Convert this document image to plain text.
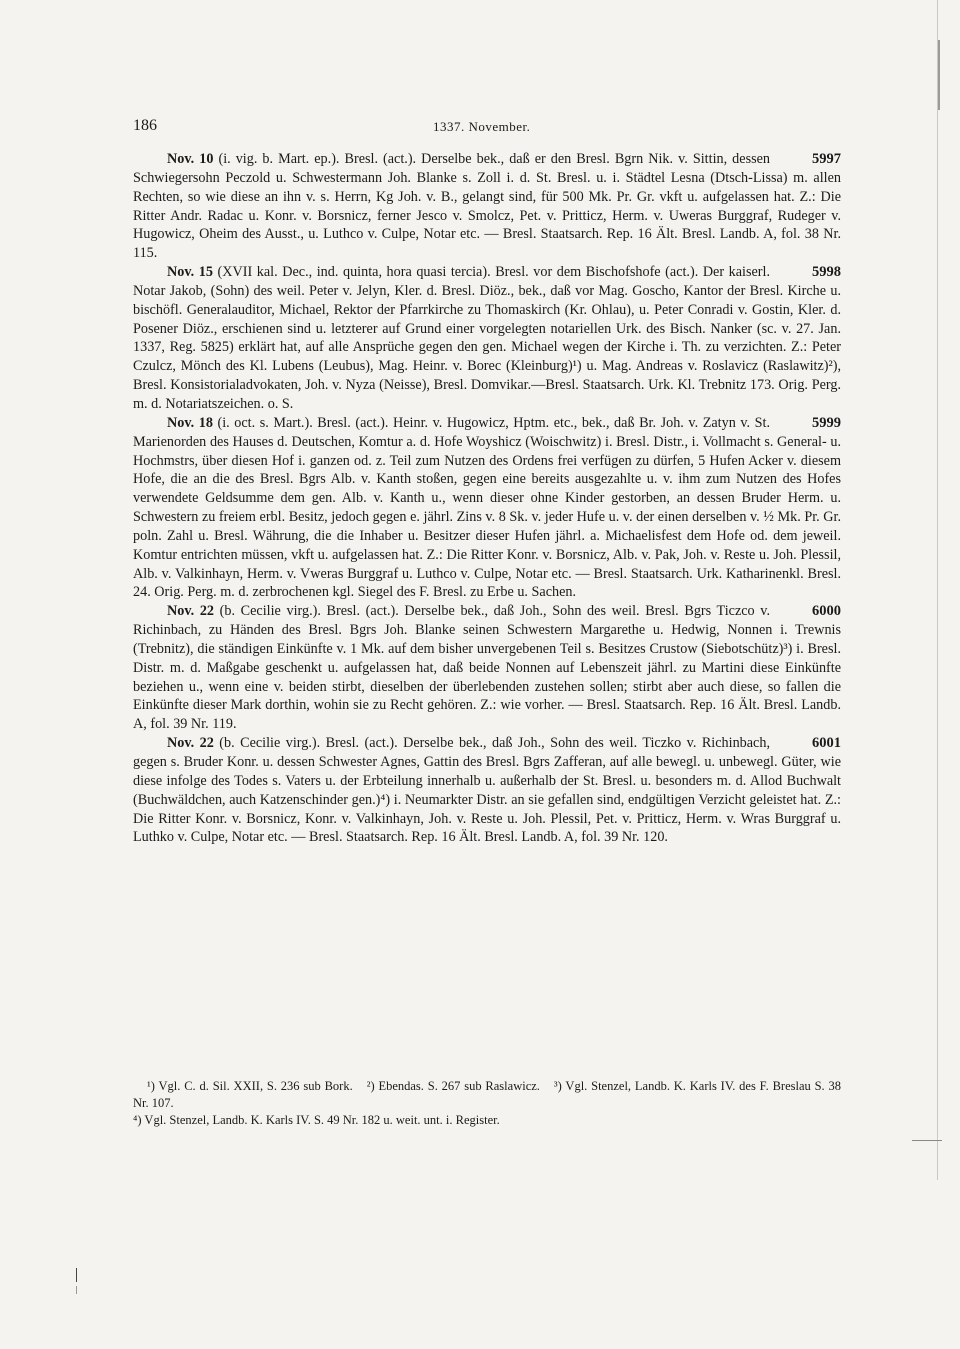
186	1337. November.

5997
Nov. 10 (i. vig. b. Mart. ep.). Bresl. (act.). Derselbe bek., daß er den Bresl. Bgrn Nik. v. Sittin, dessen Schwiegersohn Peczold u. Schwestermann Joh. Blanke s. Zoll i. d. St. Bresl. u. i. Städtel Lesna (Dtsch-Lissa) m. allen Rechten, so wie diese an ihn v. s. Herrn, Kg Joh. v. B., gelangt sind, für 500 Mk. Pr. Gr. vkft u. aufgelassen hat. Z.: Die Ritter Andr. Radac u. Konr. v. Borsnicz, ferner Jesco v. Smolcz, Pet. v. Pritticz, Herm. v. Uweras Burggraf, Rudeger v. Hugowicz, Oheim des Ausst., u. Luthco v. Culpe, Notar etc. — Bresl. Staatsarch. Rep. 16 Ält. Bresl. Landb. A, fol. 38 Nr. 115.

5998
Nov. 15 (XVII kal. Dec., ind. quinta, hora quasi tercia). Bresl. vor dem Bischofshofe (act.). Der kaiserl. Notar Jakob, (Sohn) des weil. Peter v. Jelyn, Kler. d. Bresl. Diöz., bek., daß vor Mag. Goscho, Kantor der Bresl. Kirche u. bischöfl. Generalauditor, Michael, Rektor der Pfarrkirche zu Thomaskirch (Kr. Ohlau), u. Peter Conradi v. Gostin, Kler. d. Posener Diöz., erschienen sind u. letzterer auf Grund einer vorgelegten notariellen Urk. des Bisch. Nanker (sc. v. 27. Jan. 1337, Reg. 5825) erklärt hat, auf alle Ansprüche gegen den gen. Michael wegen der Kirche i. Th. zu verzichten. Z.: Peter Czulcz, Mönch des Kl. Lubens (Leubus), Mag. Heinr. v. Borec (Kleinburg)¹) u. Mag. Andreas v. Roslavicz (Raslawitz)²), Bresl. Konsistorialadvokaten, Joh. v. Nyza (Neisse), Bresl. Domvikar.—Bresl. Staatsarch. Urk. Kl. Trebnitz 173. Orig. Perg. m. d. Notariatszeichen. o. S.

5999
Nov. 18 (i. oct. s. Mart.). Bresl. (act.). Heinr. v. Hugowicz, Hptm. etc., bek., daß Br. Joh. v. Zatyn v. St. Marienorden des Hauses d. Deutschen, Komtur a. d. Hofe Woyshicz (Woischwitz) i. Bresl. Distr., i. Vollmacht s. General- u. Hochmstrs, über diesen Hof i. ganzen od. z. Teil zum Nutzen des Ordens frei verfügen zu dürfen, 5 Hufen Acker v. diesem Hofe, die an die des Bresl. Bgrs Alb. v. Kanth stoßen, gegen eine bereits ausgezahlte u. v. ihm zum Nutzen des Hofes verwendete Geldsumme dem gen. Alb. v. Kanth u., wenn dieser ohne Kinder gestorben, an dessen Bruder Herm. u. Schwestern zu freiem erbl. Besitz, jedoch gegen e. jährl. Zins v. 8 Sk. v. jeder Hufe u. v. der einen derselben v. ½ Mk. Pr. Gr. poln. Zahl u. Bresl. Währung, die die Inhaber u. Besitzer dieser Hufen jährl. a. Michaelisfest dem Hofe od. dem jeweil. Komtur entrichten müssen, vkft u. aufgelassen hat. Z.: Die Ritter Konr. v. Borsnicz, Alb. v. Pak, Joh. v. Reste u. Joh. Plessil, Alb. v. Valkinhayn, Herm. v. Vweras Burggraf u. Luthco v. Culpe, Notar etc. — Bresl. Staatsarch. Urk. Katharinenkl. Bresl. 24. Orig. Perg. m. d. zerbrochenen kgl. Siegel des F. Bresl. zu Erbe u. Sachen.

6000
Nov. 22 (b. Cecilie virg.). Bresl. (act.). Derselbe bek., daß Joh., Sohn des weil. Bresl. Bgrs Ticzco v. Richinbach, zu Händen des Bresl. Bgrs Joh. Blanke seinen Schwestern Margarethe u. Hedwig, Nonnen i. Trewnis (Trebnitz), die ständigen Einkünfte v. 1 Mk. auf dem bisher unvergebenen Teil s. Besitzes Crustow (Siebotschütz)³) i. Bresl. Distr. m. d. Maßgabe geschenkt u. aufgelassen hat, daß beide Nonnen auf Lebenszeit jährl. zu Martini diese Einkünfte beziehen u., wenn eine v. beiden stirbt, dieselben der überlebenden zustehen sollen; stirbt aber auch diese, so fallen die Einkünfte dieser Mark dorthin, wohin sie zu Recht gehören. Z.: wie vorher. — Bresl. Staatsarch. Rep. 16 Ält. Bresl. Landb. A, fol. 39 Nr. 119.

6001
Nov. 22 (b. Cecilie virg.). Bresl. (act.). Derselbe bek., daß Joh., Sohn des weil. Ticzko v. Richinbach, gegen s. Bruder Konr. u. dessen Schwester Agnes, Gattin des Bresl. Bgrs Zafferan, auf alle bewegl. u. unbewegl. Güter, wie diese infolge des Todes s. Vaters u. der Erbteilung innerhalb u. außerhalb der St. Bresl. u. besonders m. d. Allod Buchwalt (Buchwäldchen, auch Katzenschinder gen.)⁴) i. Neumarkter Distr. an sie gefallen sind, endgültigen Verzicht geleistet hat. Z.: Die Ritter Konr. v. Borsnicz, Konr. v. Valkinhayn, Joh. v. Reste u. Joh. Plessil, Pet. v. Pritticz, Herm. v. Wras Burggraf u. Luthko v. Culpe, Notar etc. — Bresl. Staatsarch. Rep. 16 Ält. Bresl. Landb. A, fol. 39 Nr. 120.

¹) Vgl. C. d. Sil. XXII, S. 236 sub Bork. ²) Ebendas. S. 267 sub Raslawicz. ³) Vgl. Stenzel, Landb. K. Karls IV. des F. Breslau S. 38 Nr. 107.

⁴) Vgl. Stenzel, Landb. K. Karls IV. S. 49 Nr. 182 u. weit. unt. i. Register.
